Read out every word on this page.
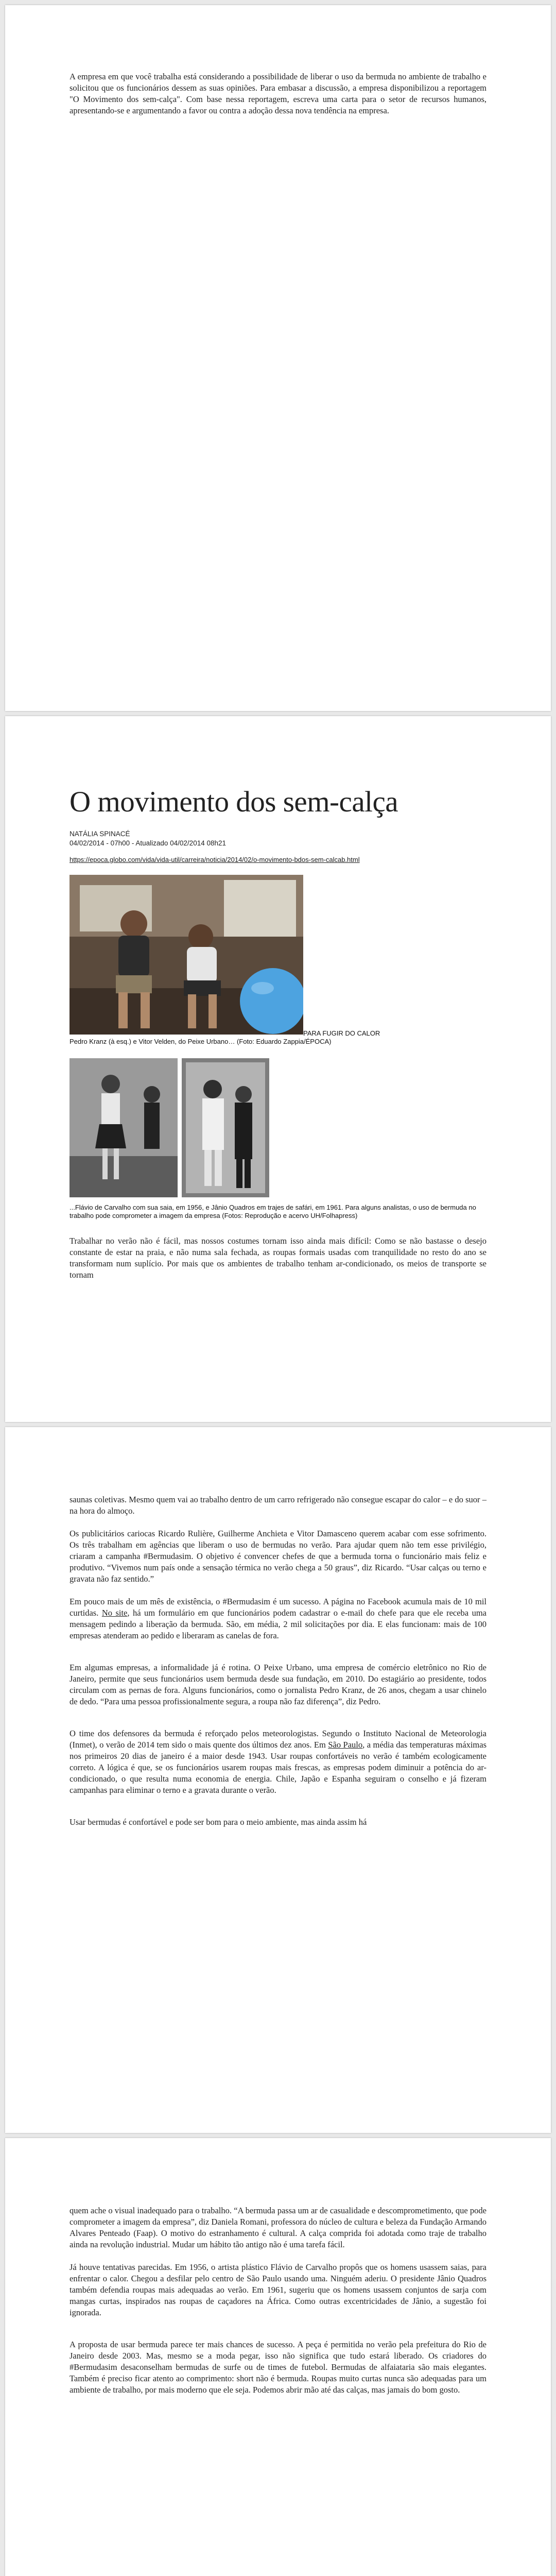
A empresa em que você trabalha está considerando a possibilidade de liberar o uso da bermuda no ambiente de trabalho e solicitou que os funcionários dessem as suas opiniões. Para embasar a discussão, a empresa disponibilizou a reportagem "O Movimento dos sem-calça". Com base nessa reportagem, escreva uma carta para o setor de recursos humanos, apresentando-se e argumentando a favor ou contra a adoção dessa nova tendência na empresa.

O movimento dos sem-calça
NATÁLIA SPINACÉ
04/02/2014 - 07h00 - Atualizado 04/02/2014 08h21
https://epoca.globo.com/vida/vida-util/carreira/noticia/2014/02/o-movimento-bdos-sem-calcab.html
PARA FUGIR DO CALOR
Pedro Kranz (à esq.) e Vitor Velden, do Peixe Urbano… (Foto: Eduardo Zappia/ÉPOCA)
...Flávio de Carvalho com sua saia, em 1956, e Jânio Quadros em trajes de safári, em 1961. Para alguns analistas, o uso de bermuda no trabalho pode comprometer a imagem da empresa (Fotos: Reprodução e acervo UH/Folhapress)

Trabalhar no verão não é fácil, mas nossos costumes tornam isso ainda mais difícil: Como se não bastasse o desejo constante de estar na praia, e não numa sala fechada, as roupas formais usadas com tranquilidade no resto do ano se transformam num suplício. Por mais que os ambientes de trabalho tenham ar-condicionado, os meios de transporte se tornam

saunas coletivas. Mesmo quem vai ao trabalho dentro de um carro refrigerado não consegue escapar do calor – e do suor – na hora do almoço.

Os publicitários cariocas Ricardo Rulière, Guilherme Anchieta e Vitor Damasceno querem acabar com esse sofrimento. Os três trabalham em agências que liberam o uso de bermudas no verão. Para ajudar quem não tem esse privilégio, criaram a campanha #Bermudasim. O objetivo é convencer chefes de que a bermuda torna o funcionário mais feliz e produtivo. “Vivemos num país onde a sensação térmica no verão chega a 50 graus”, diz Ricardo. “Usar calças ou terno e gravata não faz sentido.”

Em pouco mais de um mês de existência, o #Bermudasim é um sucesso. A página no Facebook acumula mais de 10 mil curtidas. No site, há um formulário em que funcionários podem cadastrar o e-mail do chefe para que ele receba uma mensagem pedindo a liberação da bermuda. São, em média, 2 mil solicitações por dia. E elas funcionam: mais de 100 empresas atenderam ao pedido e liberaram as canelas de fora.

Em algumas empresas, a informalidade já é rotina. O Peixe Urbano, uma empresa de comércio eletrônico no Rio de Janeiro, permite que seus funcionários usem bermuda desde sua fundação, em 2010. Do estagiário ao presidente, todos circulam com as pernas de fora. Alguns funcionários, como o jornalista Pedro Kranz, de 26 anos, chegam a usar chinelo de dedo. “Para uma pessoa profissionalmente segura, a roupa não faz diferença”, diz Pedro.

O time dos defensores da bermuda é reforçado pelos meteorologistas. Segundo o Instituto Nacional de Meteorologia (Inmet), o verão de 2014 tem sido o mais quente dos últimos dez anos. Em São Paulo, a média das temperaturas máximas nos primeiros 20 dias de janeiro é a maior desde 1943. Usar roupas confortáveis no verão é também ecologicamente correto. A lógica é que, se os funcionários usarem roupas mais frescas, as empresas podem diminuir a potência do ar-condicionado, o que resulta numa economia de energia. Chile, Japão e Espanha seguiram o conselho e já fizeram campanhas para eliminar o terno e a gravata durante o verão.

Usar bermudas é confortável e pode ser bom para o meio ambiente, mas ainda assim há

quem ache o visual inadequado para o trabalho. “A bermuda passa um ar de casualidade e descomprometimento, que pode comprometer a imagem da empresa”, diz Daniela Romani, professora do núcleo de cultura e beleza da Fundação Armando Alvares Penteado (Faap). O motivo do estranhamento é cultural. A calça comprida foi adotada como traje de trabalho ainda na revolução industrial. Mudar um hábito tão antigo não é uma tarefa fácil.

Já houve tentativas parecidas. Em 1956, o artista plástico Flávio de Carvalho propôs que os homens usassem saias, para enfrentar o calor. Chegou a desfilar pelo centro de São Paulo usando uma. Ninguém aderiu. O presidente Jânio Quadros também defendia roupas mais adequadas ao verão. Em 1961, sugeriu que os homens usassem conjuntos de sarja com mangas curtas, inspirados nas roupas de caçadores na África. Como outras excentricidades de Jânio, a sugestão foi ignorada.

A proposta de usar bermuda parece ter mais chances de sucesso. A peça é permitida no verão pela prefeitura do Rio de Janeiro desde 2003. Mas, mesmo se a moda pegar, isso não significa que tudo estará liberado. Os criadores do #Bermudasim desaconselham bermudas de surfe ou de times de futebol. Bermudas de alfaiataria são mais elegantes. Também é preciso ficar atento ao comprimento: short não é bermuda. Roupas muito curtas nunca são adequadas para um ambiente de trabalho, por mais moderno que ele seja. Podemos abrir mão até das calças, mas jamais do bom gosto.
